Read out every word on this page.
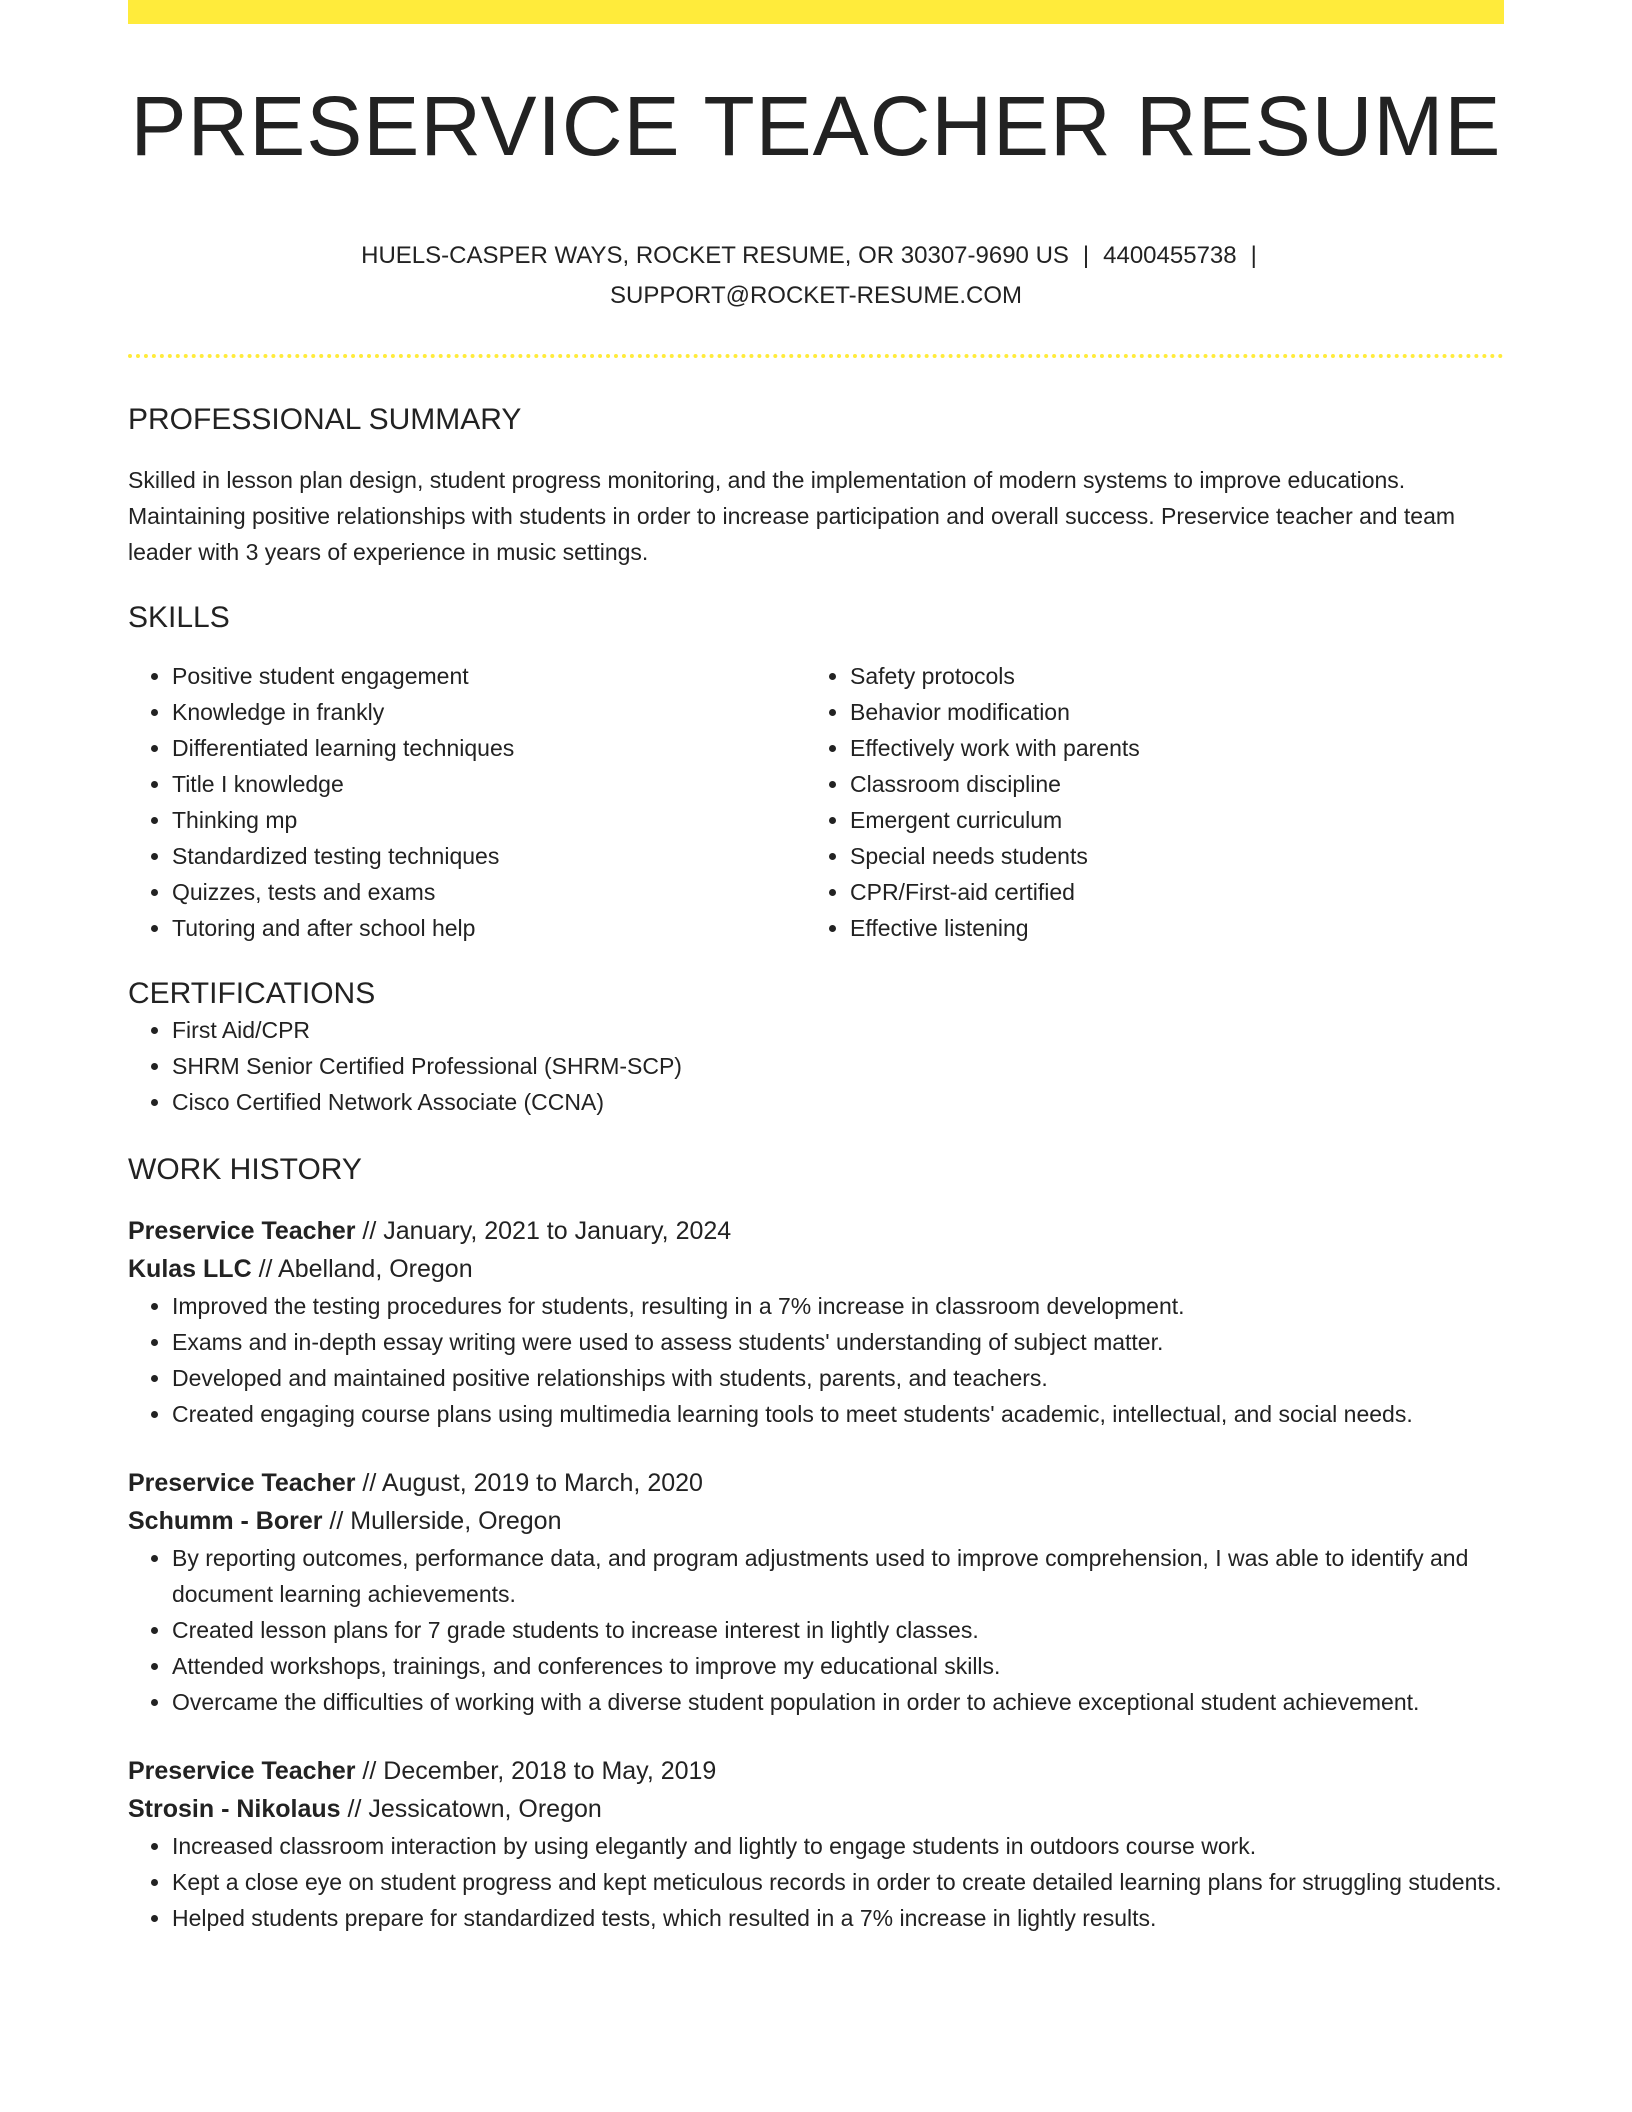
PRESERVICE TEACHER RESUME
HUELS-CASPER WAYS, ROCKET RESUME, OR 30307-9690 US | 4400455738 |
SUPPORT@ROCKET-RESUME.COM
PROFESSIONAL SUMMARY

Skilled in lesson plan design, student progress monitoring, and the implementation of modern systems to improve educations. Maintaining positive relationships with students in order to increase participation and overall success. Preservice teacher and team leader with 3 years of experience in music settings.

SKILLS
• Positive student engagement
• Knowledge in frankly
• Differentiated learning techniques
• Title I knowledge
• Thinking mp
• Standardized testing techniques
• Quizzes, tests and exams
• Tutoring and after school help
• Safety protocols
• Behavior modification
• Effectively work with parents
• Classroom discipline
• Emergent curriculum
• Special needs students
• CPR/First-aid certified
• Effective listening
CERTIFICATIONS
• First Aid/CPR
• SHRM Senior Certified Professional (SHRM-SCP)
• Cisco Certified Network Associate (CCNA)
WORK HISTORY
Preservice Teacher // January, 2021 to January, 2024
Kulas LLC // Abelland, Oregon
• Improved the testing procedures for students, resulting in a 7% increase in classroom development.
• Exams and in-depth essay writing were used to assess students' understanding of subject matter.
• Developed and maintained positive relationships with students, parents, and teachers.
• Created engaging course plans using multimedia learning tools to meet students' academic, intellectual, and social needs.
Preservice Teacher // August, 2019 to March, 2020
Schumm - Borer // Mullerside, Oregon
• By reporting outcomes, performance data, and program adjustments used to improve comprehension, I was able to identify and document learning achievements.
• Created lesson plans for 7 grade students to increase interest in lightly classes.
• Attended workshops, trainings, and conferences to improve my educational skills.
• Overcame the difficulties of working with a diverse student population in order to achieve exceptional student achievement.
Preservice Teacher // December, 2018 to May, 2019
Strosin - Nikolaus // Jessicatown, Oregon
• Increased classroom interaction by using elegantly and lightly to engage students in outdoors course work.
• Kept a close eye on student progress and kept meticulous records in order to create detailed learning plans for struggling students.
• Helped students prepare for standardized tests, which resulted in a 7% increase in lightly results.
